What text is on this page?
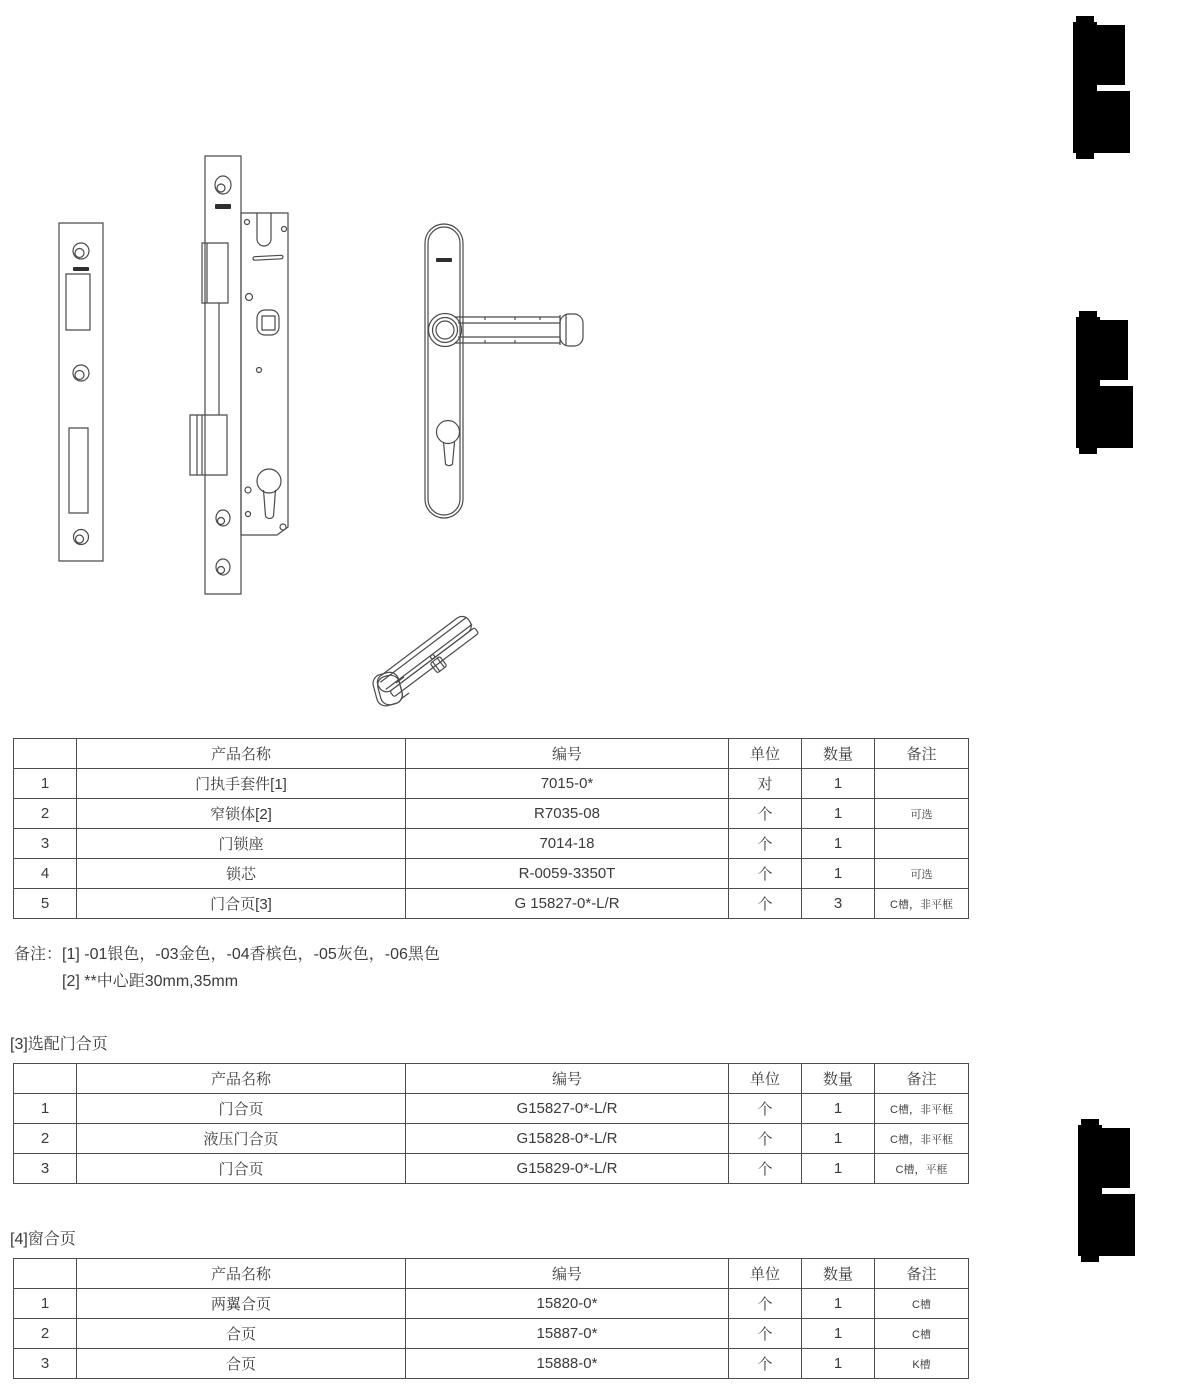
	产品名称	编号	单位	数量	备注
1	门执手套件[1]	7015-0*	对	1	
2	窄锁体[2]	R7035-08	个	1	可选
3	门锁座	7014-18	个	1	
4	锁芯	R-0059-3350T	个	1	可选
5	门合页[3]	G 15827-0*-L/R	个	3	C槽，非平框
备注：[1] -01银色，-03金色，-04香槟色，-05灰色，-06黑色
[2] **中心距30mm,35mm
[3]选配门合页
	产品名称	编号	单位	数量	备注
1	门合页	G15827-0*-L/R	个	1	C槽，非平框
2	液压门合页	G15828-0*-L/R	个	1	C槽，非平框
3	门合页	G15829-0*-L/R	个	1	C槽，平框
[4]窗合页
	产品名称	编号	单位	数量	备注
1	两翼合页	15820-0*	个	1	C槽
2	合页	15887-0*	个	1	C槽
3	合页	15888-0*	个	1	K槽
